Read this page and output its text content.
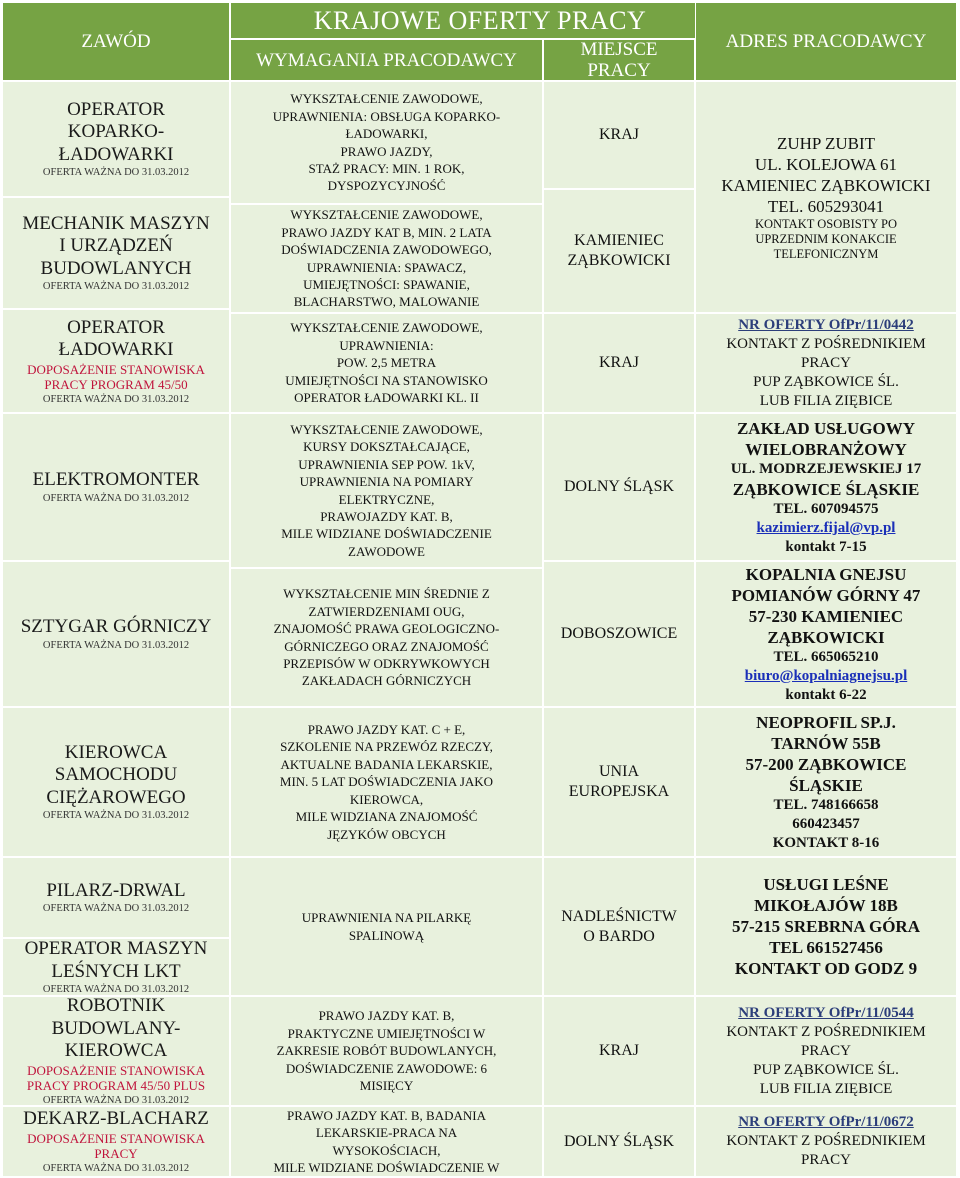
KRAJOWE OFERTY PRACY
ZAWÓD
WYMAGANIA PRACODAWCY	MIEJSCE
PRACY
ADRES PRACODAWCY
OPERATOR
KOPARKO-
ŁADOWARKI
OFERTA WAŻNA DO 31.03.2012
MECHANIK MASZYN
I URZĄDZEŃ
BUDOWLANYCH
OFERTA WAŻNA DO 31.03.2012
OPERATOR
ŁADOWARKI
DOPOSAŻENIE STANOWISKA
PRACY PROGRAM 45/50
OFERTA WAŻNA DO 31.03.2012
ELEKTROMONTER
OFERTA WAŻNA DO 31.03.2012
SZTYGAR GÓRNICZY
OFERTA WAŻNA DO 31.03.2012
KIEROWCA
SAMOCHODU
CIĘŻAROWEGO
OFERTA WAŻNA DO 31.03.2012
PILARZ-DRWAL
OFERTA WAŻNA DO 31.03.2012
OPERATOR MASZYN
LEŚNYCH LKT
OFERTA WAŻNA DO 31.03.2012
ROBOTNIK
BUDOWLANY-
KIEROWCA
DOPOSAŻENIE STANOWISKA
PRACY PROGRAM 45/50 PLUS
OFERTA WAŻNA DO 31.03.2012
DEKARZ-BLACHARZ
DOPOSAŻENIE STANOWISKA
PRACY
OFERTA WAŻNA DO 31.03.2012
WYKSZTAŁCENIE ZAWODOWE,
UPRAWNIENIA: OBSŁUGA KOPARKO-
ŁADOWARKI,
PRAWO JAZDY,
STAŻ PRACY: MIN. 1 ROK,
DYSPOZYCYJNOŚĆ
WYKSZTAŁCENIE ZAWODOWE,
PRAWO JAZDY KAT B, MIN. 2 LATA
DOŚWIADCZENIA ZAWODOWEGO,
UPRAWNIENIA: SPAWACZ,
UMIEJĘTNOŚCI: SPAWANIE,
BLACHARSTWO, MALOWANIE
WYKSZTAŁCENIE ZAWODOWE,
UPRAWNIENIA:
POW. 2,5 METRA
UMIEJĘTNOŚCI NA STANOWISKO
OPERATOR ŁADOWARKI KL. II
WYKSZTAŁCENIE ZAWODOWE,
KURSY DOKSZTAŁCAJĄCE,
UPRAWNIENIA SEP POW. 1kV,
UPRAWNIENIA NA POMIARY
ELEKTRYCZNE,
PRAWOJAZDY KAT. B,
MILE WIDZIANE DOŚWIADCZENIE
ZAWODOWE
WYKSZTAŁCENIE MIN ŚREDNIE Z
ZATWIERDZENIAMI OUG,
ZNAJOMOŚĆ PRAWA GEOLOGICZNO-
GÓRNICZEGO ORAZ ZNAJOMOŚĆ
PRZEPISÓW W ODKRYWKOWYCH
ZAKŁADACH GÓRNICZYCH
PRAWO JAZDY KAT. C + E,
SZKOLENIE NA PRZEWÓZ RZECZY,
AKTUALNE BADANIA LEKARSKIE,
MIN. 5 LAT DOŚWIADCZENIA JAKO
KIEROWCA,
MILE WIDZIANA ZNAJOMOŚĆ
JĘZYKÓW OBCYCH
UPRAWNIENIA NA PILARKĘ
SPALINOWĄ
PRAWO JAZDY KAT. B,
PRAKTYCZNE UMIEJĘTNOŚCI W
ZAKRESIE ROBÓT BUDOWLANYCH,
DOŚWIADCZENIE ZAWODOWE: 6
MISIĘCY
PRAWO JAZDY KAT. B, BADANIA
LEKARSKIE-PRACA NA
WYSOKOŚCIACH,
MILE WIDZIANE DOŚWIADCZENIE W
KRAJ
KAMIENIEC
ZĄBKOWICKI
KRAJ
DOLNY ŚLĄSK
DOBOSZOWICE
UNIA
EUROPEJSKA
NADLEŚNICTW
O BARDO
KRAJ
DOLNY ŚLĄSK
ZUHP ZUBIT
UL. KOLEJOWA 61
KAMIENIEC ZĄBKOWICKI
TEL. 605293041
KONTAKT OSOBISTY PO
UPRZEDNIM KONAKCIE
TELEFONICZNYM
NR OFERTY OfPr/11/0442
KONTAKT Z POŚREDNIKIEM
PRACY
PUP ZĄBKOWICE ŚL.
LUB FILIA ZIĘBICE
ZAKŁAD USŁUGOWY
WIELOBRANŻOWY
UL. MODRZEJEWSKIEJ 17
ZĄBKOWICE ŚLĄSKIE
TEL. 607094575
kazimierz.fijal@vp.pl
kontakt 7-15
KOPALNIA GNEJSU
POMIANÓW GÓRNY 47
57-230 KAMIENIEC
ZĄBKOWICKI
TEL. 665065210
biuro@kopalniagnejsu.pl
kontakt 6-22
NEOPROFIL SP.J.
TARNÓW 55B
57-200 ZĄBKOWICE
ŚLĄSKIE
TEL. 748166658
660423457
KONTAKT 8-16
USŁUGI LEŚNE
MIKOŁAJÓW 18B
57-215 SREBRNA GÓRA
TEL 661527456
KONTAKT OD GODZ 9
NR OFERTY OfPr/11/0544
KONTAKT Z POŚREDNIKIEM
PRACY
PUP ZĄBKOWICE ŚL.
LUB FILIA ZIĘBICE
NR OFERTY OfPr/11/0672
KONTAKT Z POŚREDNIKIEM
PRACY
